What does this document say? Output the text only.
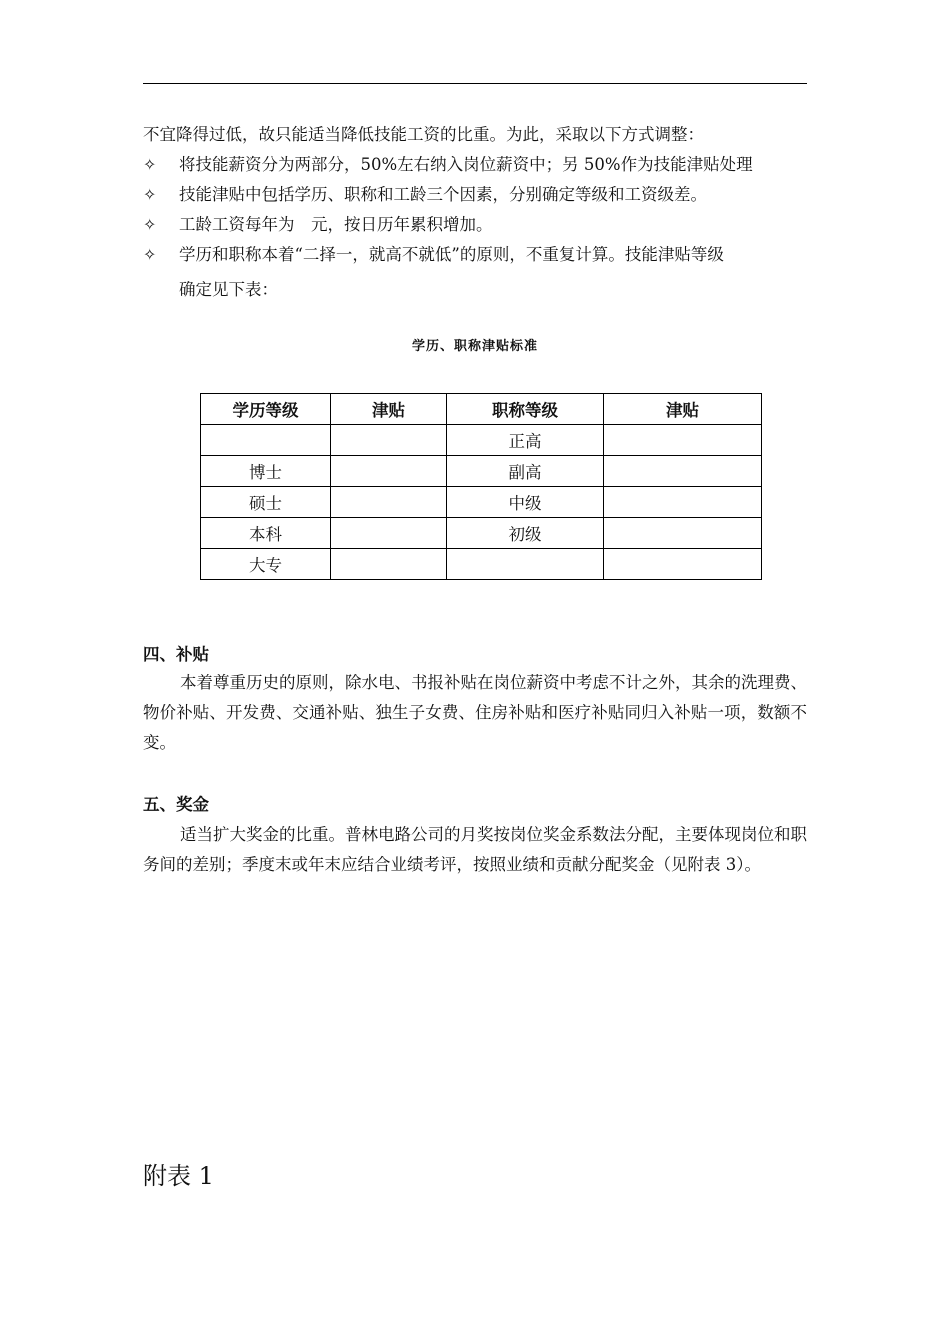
不宜降得过低，故只能适当降低技能工资的比重。为此，采取以下方式调整：
✧ 将技能薪资分为两部分，50%左右纳入岗位薪资中；另 50%作为技能津贴处理
✧ 技能津贴中包括学历、职称和工龄三个因素，分别确定等级和工资级差。
✧ 工龄工资每年为　元，按日历年累积增加。
✧ 学历和职称本着“二择一，就高不就低”的原则，不重复计算。技能津贴等级
确定见下表：
学历、职称津贴标准
学历等级	津贴	职称等级	津贴
		正高	
博士		副高	
硕士		中级	
本科		初级	
大专			
四、补贴
本着尊重历史的原则，除水电、书报补贴在岗位薪资中考虑不计之外，其余的洗理费、物价补贴、开发费、交通补贴、独生子女费、住房补贴和医疗补贴同归入补贴一项，数额不变。
五、奖金
适当扩大奖金的比重。普林电路公司的月奖按岗位奖金系数法分配，主要体现岗位和职务间的差别；季度末或年末应结合业绩考评，按照业绩和贡献分配奖金（见附表 3）。
附表 1
